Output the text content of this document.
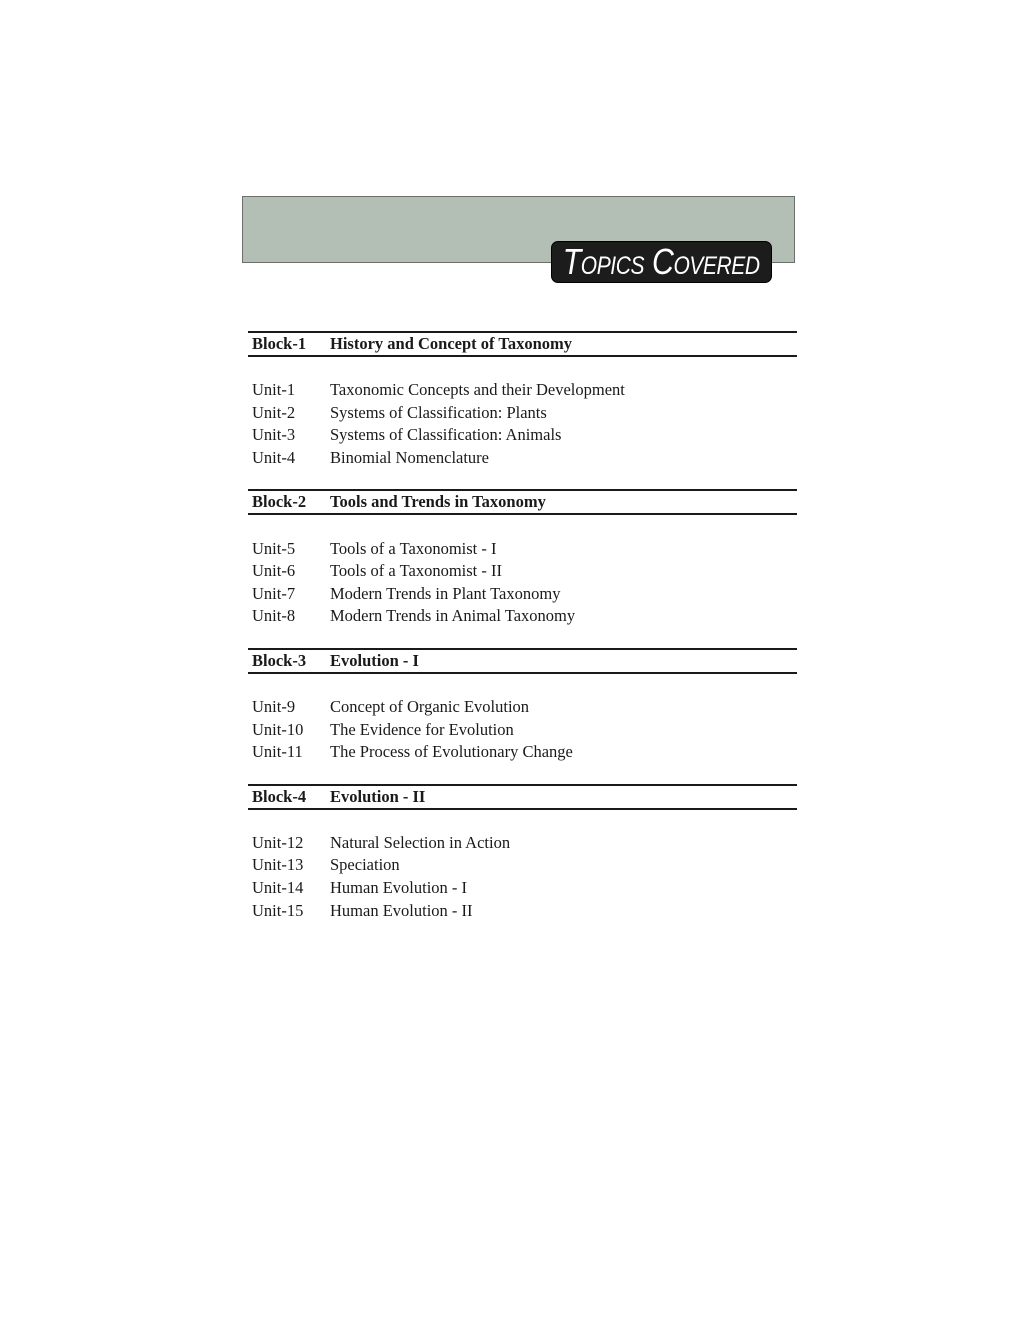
Topics Covered
Block-1	History and Concept of Taxonomy
Unit-1	Taxonomic Concepts and their Development
Unit-2	Systems of Classification: Plants
Unit-3	Systems of Classification: Animals
Unit-4	Binomial Nomenclature
Block-2	Tools and Trends in Taxonomy
Unit-5	Tools of a Taxonomist - I
Unit-6	Tools of a Taxonomist - II
Unit-7	Modern Trends in Plant Taxonomy
Unit-8	Modern Trends in Animal Taxonomy
Block-3	Evolution - I
Unit-9	Concept of Organic Evolution
Unit-10	The Evidence for Evolution
Unit-11	The Process of Evolutionary Change
Block-4	Evolution - II
Unit-12	Natural Selection in Action
Unit-13	Speciation
Unit-14	Human Evolution - I
Unit-15	Human Evolution - II
